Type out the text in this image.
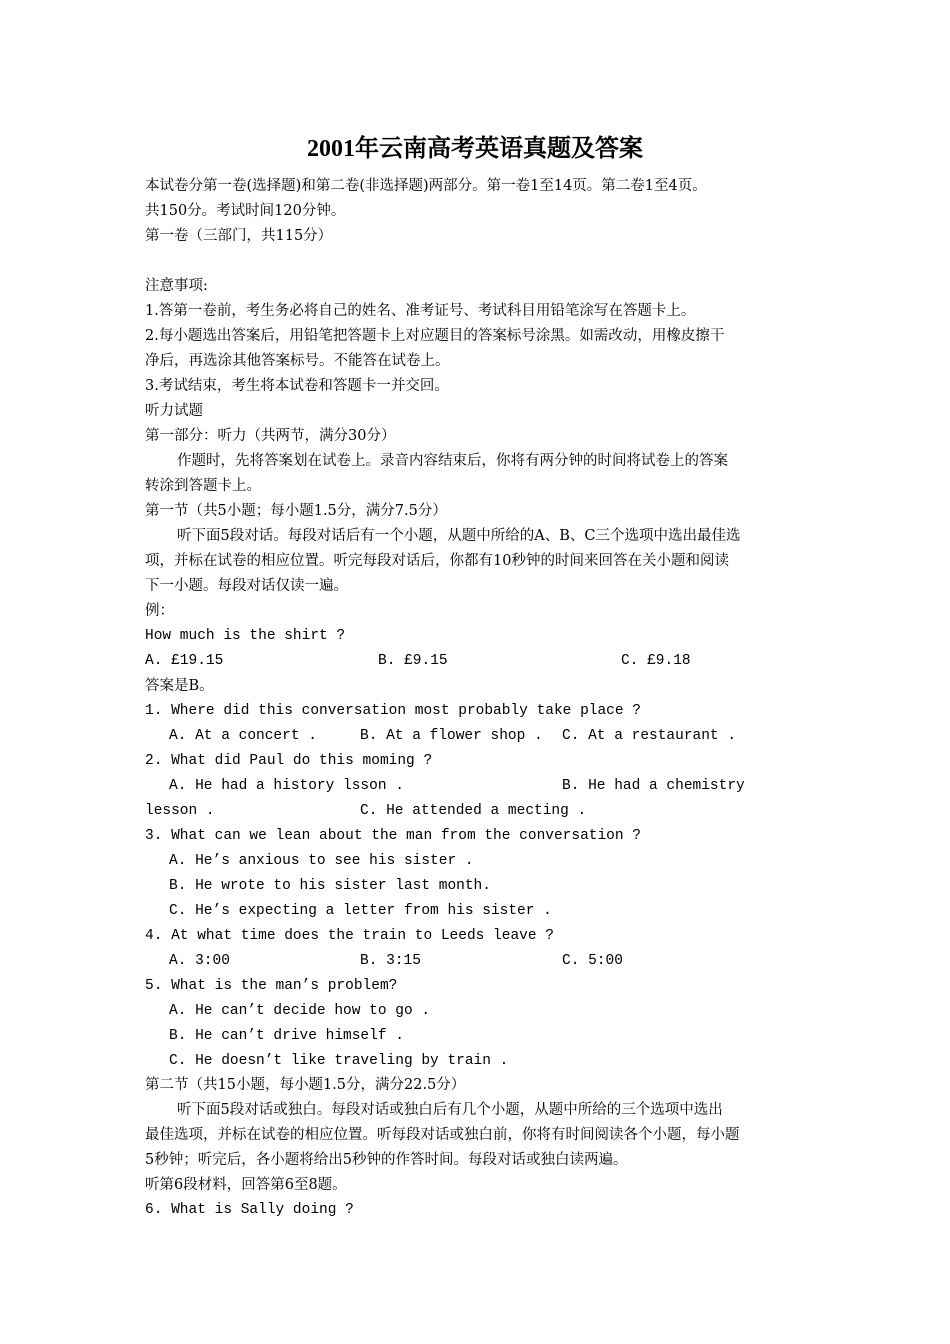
2001年云南高考英语真题及答案
本试卷分第一卷(选择题)和第二卷(非选择题)两部分。第一卷1至14页。第二卷1至4页。
共150分。考试时间120分钟。
第一卷（三部门，共115分）
注意事项:
1.答第一卷前，考生务必将自己的姓名、准考证号、考试科目用铅笔涂写在答题卡上。
2.每小题选出答案后，用铅笔把答题卡上对应题目的答案标号涂黑。如需改动，用橡皮擦干
净后，再选涂其他答案标号。不能答在试卷上。
3.考试结束，考生将本试卷和答题卡一并交回。
听力试题
第一部分：听力（共两节，满分30分）
作题时，先将答案划在试卷上。录音内容结束后，你将有两分钟的时间将试卷上的答案
转涂到答题卡上。
第一节（共5小题；每小题1.5分，满分7.5分）
听下面5段对话。每段对话后有一个小题，从题中所给的A、B、C三个选项中选出最佳选
项，并标在试卷的相应位置。听完每段对话后，你都有10秒钟的时间来回答在关小题和阅读
下一小题。每段对话仅读一遍。
例：
How much is the shirt ?
A. £19.15	B. £9.15	C. £9.18
答案是B。
1. Where did this conversation most probably take place ?
A. At a concert .	B. At a flower shop . C. At a restaurant .
2. What did Paul do this moming ?
A. He had a history lsson .	B. He had a chemistry
lesson .	C. He attended a mecting .
3. What can we lean about the man from the conversation ?
A. He’s anxious to see his sister .
B. He wrote to his sister last month.
C. He’s expecting a letter from his sister .
4. At what time does the train to Leeds leave ?
A. 3:00	B. 3:15	C. 5:00
5. What is the man’s problem?
A. He can’t decide how to go .
B. He can’t drive himself .
C. He doesn’t like traveling by train .
第二节（共15小题，每小题1.5分，满分22.5分）
听下面5段对话或独白。每段对话或独白后有几个小题，从题中所给的三个选项中选出
最佳选项，并标在试卷的相应位置。听每段对话或独白前，你将有时间阅读各个小题，每小题
5秒钟；听完后，各小题将给出5秒钟的作答时间。每段对话或独白读两遍。
听第6段材料，回答第6至8题。
6. What is Sally doing ?
